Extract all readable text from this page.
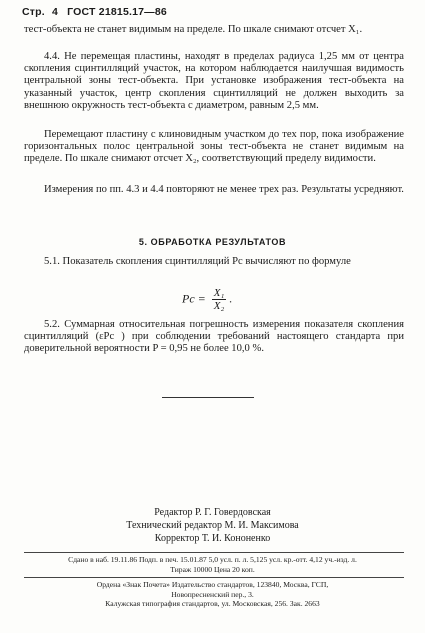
Стр. 4 ГОСТ 21815.17—86
тест-объекта не станет видимым на пределе. По шкале снимают отсчет X₁.
4.4. Не перемещая пластины, находят в пределах радиуса 1,25 мм от центра скопления сцинтилляций участок, на котором наблюдается наилучшая видимость центральной зоны тест-объекта. При установке изображения тест-объекта на указанный участок, центр скопления сцинтилляций не должен выходить за внешнюю окружность тест-объекта с диаметром, равным 2,5 мм.
Перемещают пластину с клиновидным участком до тех пор, пока изображение горизонтальных полос центральной зоны тест-объекта не станет видимым на пределе. По шкале снимают отсчет X₂, соответствующий пределу видимости.
Измерения по пп. 4.3 и 4.4 повторяют не менее трех раз. Результаты усредняют.
5. ОБРАБОТКА РЕЗУЛЬТАТОВ
5.1. Показатель скопления сцинтилляций Pc вычисляют по формуле
$Pc = \frac{\text{X₁}}{\text{X₂}}$ .
5.2. Суммарная относительная погрешность измерения показателя скопления сцинтилляций (εPc ) при соблюдении требований настоящего стандарта при доверительной вероятности P = 0,95 не более 10,0 %.
Редактор Р. Г. Говердовская
Технический редактор М. И. Максимова
Корректор Т. И. Кононенко
Сдано в наб. 19.11.86 Подп. в печ. 15.01.87 5,0 усл. п. л. 5,125 усл. кр.-отт. 4,12 уч.-изд. л.
Тираж 10000 Цена 20 коп.
Ордена «Знак Почета» Издательство стандартов, 123840, Москва, ГСП,
Новопресненский пер., 3.
Калужская типография стандартов, ул. Московская, 256. Зак. 2663
